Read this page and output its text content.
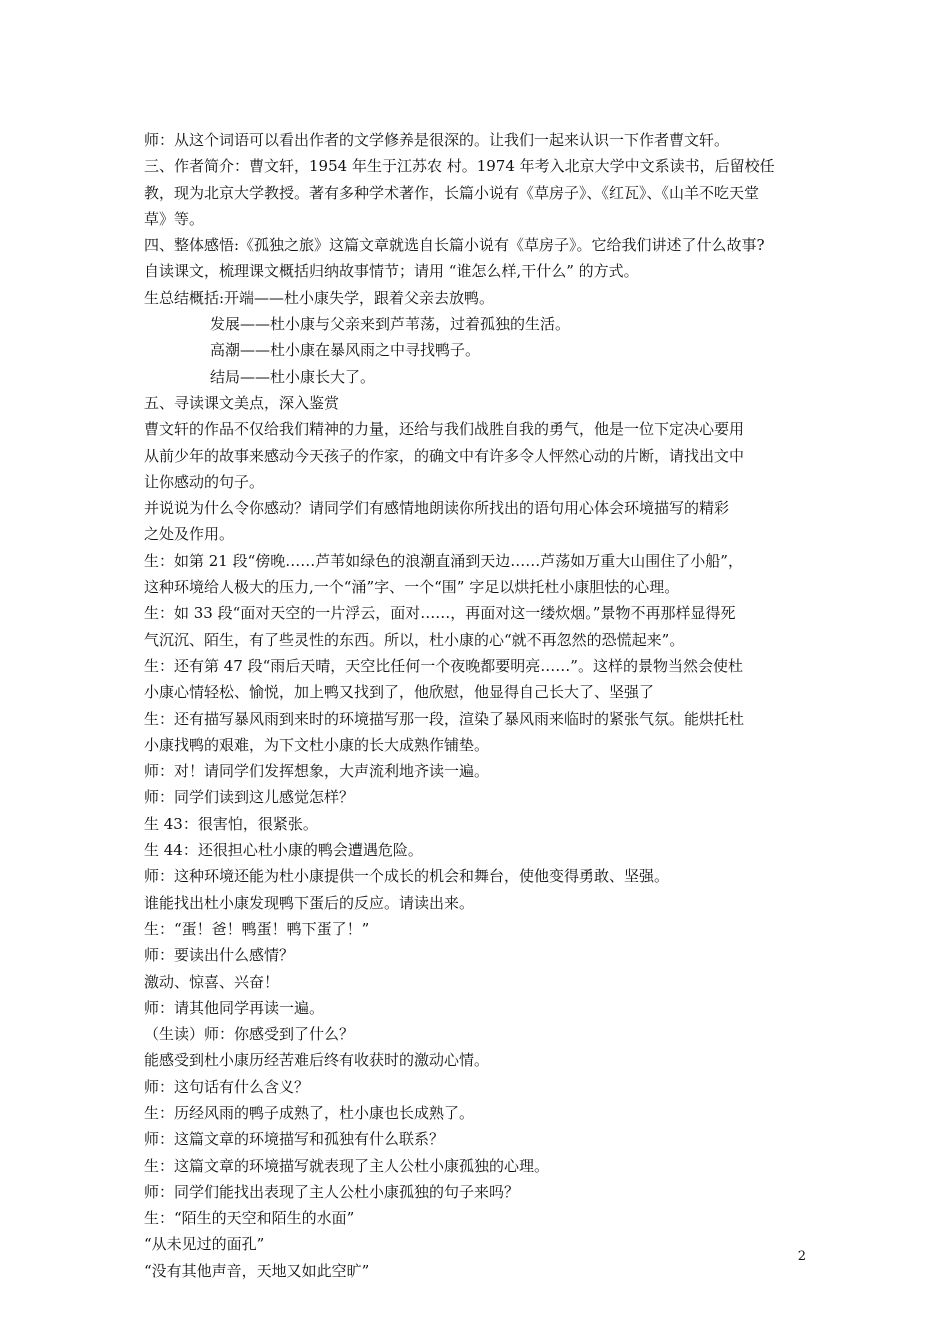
师：从这个词语可以看出作者的文学修养是很深的。让我们一起来认识一下作者曹文轩。
三、作者简介：曹文轩，1954 年生于江苏农 村。1974 年考入北京大学中文系读书，后留校任
教，现为北京大学教授。著有多种学术著作，长篇小说有《草房子》、《红瓦》、《山羊不吃天堂
草》等。
四、整体感悟:《孤独之旅》这篇文章就选自长篇小说有《草房子》。它给我们讲述了什么故事?
自读课文，梳理课文概括归纳故事情节；请用 “谁怎么样,干什么” 的方式。
生总结概括:开端——杜小康失学，跟着父亲去放鸭。
发展——杜小康与父亲来到芦苇荡，过着孤独的生活。
高潮——杜小康在暴风雨之中寻找鸭子。
结局——杜小康长大了。
五、寻读课文美点，深入鉴赏
曹文轩的作品不仅给我们精神的力量，还给与我们战胜自我的勇气，他是一位下定决心要用
从前少年的故事来感动今天孩子的作家，的确文中有许多令人怦然心动的片断，请找出文中
让你感动的句子。
并说说为什么令你感动？请同学们有感情地朗读你所找出的语句用心体会环境描写的精彩
之处及作用。
生：如第 21 段“傍晚……芦苇如绿色的浪潮直涌到天边……芦荡如万重大山围住了小船”，
这种环境给人极大的压力,一个“涌”字、一个“围” 字足以烘托杜小康胆怯的心理。
生：如 33 段“面对天空的一片浮云，面对……，再面对这一缕炊烟。”景物不再那样显得死
气沉沉、陌生，有了些灵性的东西。所以，杜小康的心“就不再忽然的恐慌起来”。
生：还有第 47 段“雨后天晴，天空比任何一个夜晚都要明亮……”。这样的景物当然会使杜
小康心情轻松、愉悦，加上鸭又找到了，他欣慰，他显得自己长大了、坚强了
生：还有描写暴风雨到来时的环境描写那一段，渲染了暴风雨来临时的紧张气氛。能烘托杜
小康找鸭的艰难，为下文杜小康的长大成熟作铺垫。
师：对！请同学们发挥想象，大声流利地齐读一遍。
师：同学们读到这儿感觉怎样？
生 43：很害怕，很紧张。
生 44：还很担心杜小康的鸭会遭遇危险。
师：这种环境还能为杜小康提供一个成长的机会和舞台，使他变得勇敢、坚强。
谁能找出杜小康发现鸭下蛋后的反应。请读出来。
生：“蛋！爸！鸭蛋！鸭下蛋了！”
师：要读出什么感情？
激动、惊喜、兴奋！
师：请其他同学再读一遍。
（生读）师：你感受到了什么？
能感受到杜小康历经苦难后终有收获时的激动心情。
师：这句话有什么含义？
生：历经风雨的鸭子成熟了，杜小康也长成熟了。
师：这篇文章的环境描写和孤独有什么联系？
生：这篇文章的环境描写就表现了主人公杜小康孤独的心理。
师：同学们能找出表现了主人公杜小康孤独的句子来吗？
生：“陌生的天空和陌生的水面”
“从未见过的面孔”
“没有其他声音，天地又如此空旷”
2
